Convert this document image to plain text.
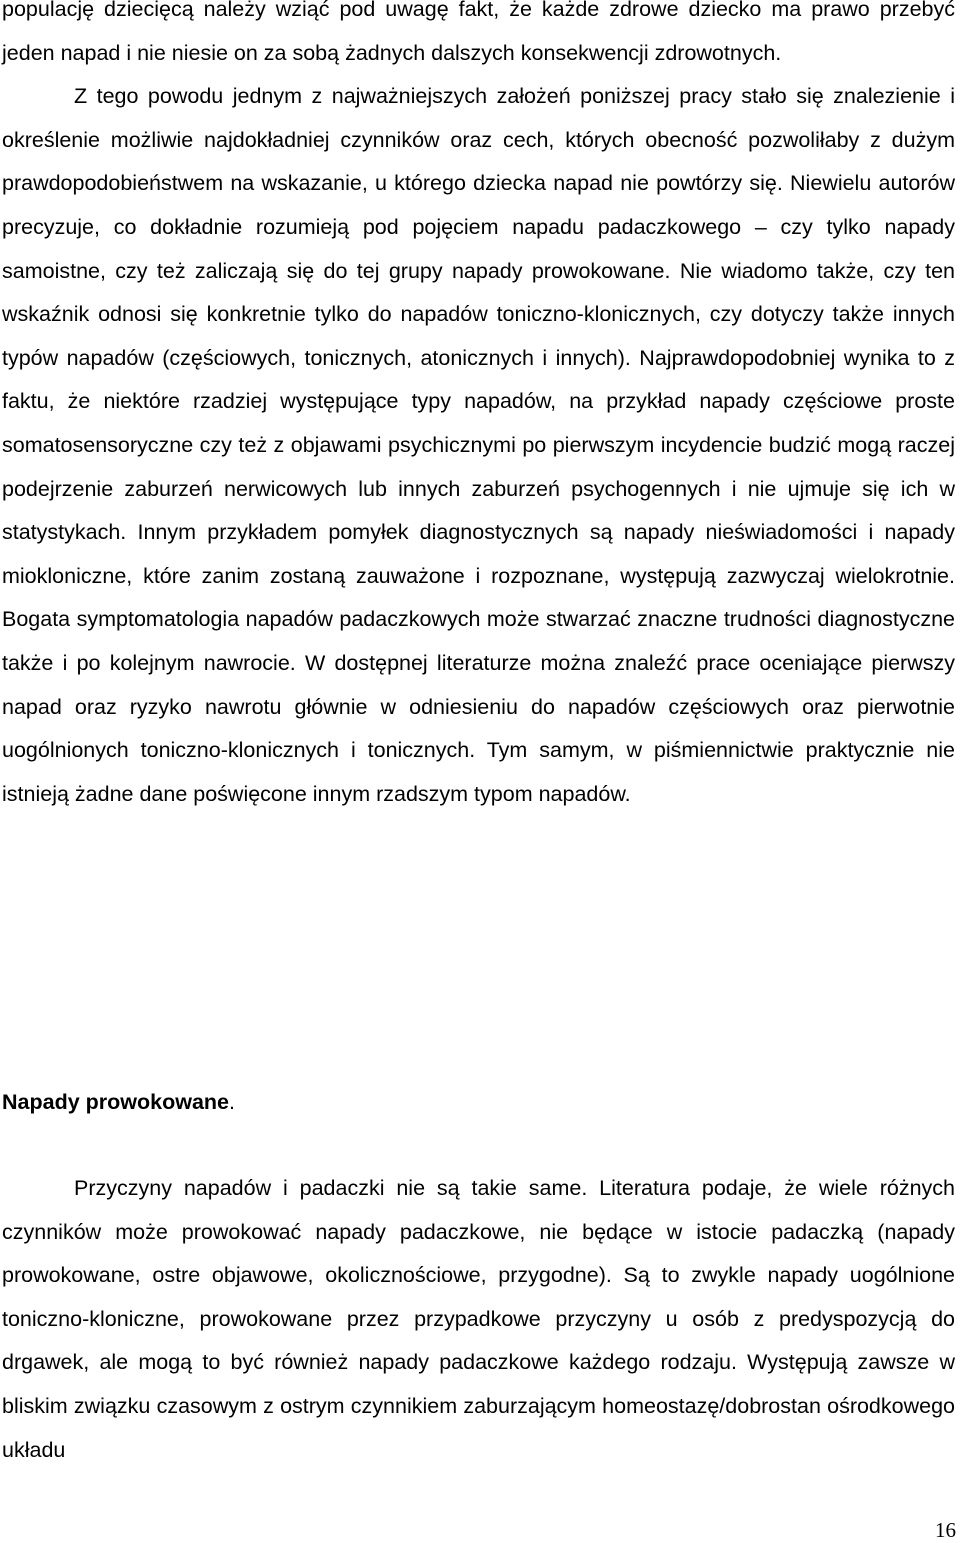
populację dziecięcą należy wziąć pod uwagę fakt, że każde zdrowe dziecko ma prawo przebyć jeden napad i nie niesie on za sobą żadnych dalszych konsekwencji zdrowotnych.

Z tego powodu jednym z najważniejszych założeń poniższej pracy stało się znalezienie i określenie możliwie najdokładniej czynników oraz cech, których obecność pozwoliłaby z dużym prawdopodobieństwem na wskazanie, u którego dziecka napad nie powtórzy się. Niewielu autorów precyzuje, co dokładnie rozumieją pod pojęciem napadu padaczkowego – czy tylko napady samoistne, czy też zaliczają się do tej grupy napady prowokowane. Nie wiadomo także, czy ten wskaźnik odnosi się konkretnie tylko do napadów toniczno-klonicznych, czy dotyczy także innych typów napadów (częściowych, tonicznych, atonicznych i innych). Najprawdopodobniej wynika to z faktu, że niektóre rzadziej występujące typy napadów, na przykład napady częściowe proste somatosensoryczne czy też z objawami psychicznymi po pierwszym incydencie budzić mogą raczej podejrzenie zaburzeń nerwicowych lub innych zaburzeń psychogennych i nie ujmuje się ich w statystykach. Innym przykładem pomyłek diagnostycznych są napady nieświadomości i napady miokloniczne, które zanim zostaną zauważone i rozpoznane, występują zazwyczaj wielokrotnie. Bogata symptomatologia napadów padaczkowych może stwarzać znaczne trudności diagnostyczne także i po kolejnym nawrocie. W dostępnej literaturze można znaleźć prace oceniające pierwszy napad oraz ryzyko nawrotu głównie w odniesieniu do napadów częściowych oraz pierwotnie uogólnionych toniczno-klonicznych i tonicznych. Tym samym, w piśmiennictwie praktycznie nie istnieją żadne dane poświęcone innym rzadszym typom napadów.

Napady prowokowane.

Przyczyny napadów i padaczki nie są takie same. Literatura podaje, że wiele różnych czynników może prowokować napady padaczkowe, nie będące w istocie padaczką (napady prowokowane, ostre objawowe, okolicznościowe, przygodne). Są to zwykle napady uogólnione toniczno-kloniczne, prowokowane przez przypadkowe przyczyny u osób z predyspozycją do drgawek, ale mogą to być również napady padaczkowe każdego rodzaju. Występują zawsze w bliskim związku czasowym z ostrym czynnikiem zaburzającym homeostazę/dobrostan ośrodkowego układu

16
